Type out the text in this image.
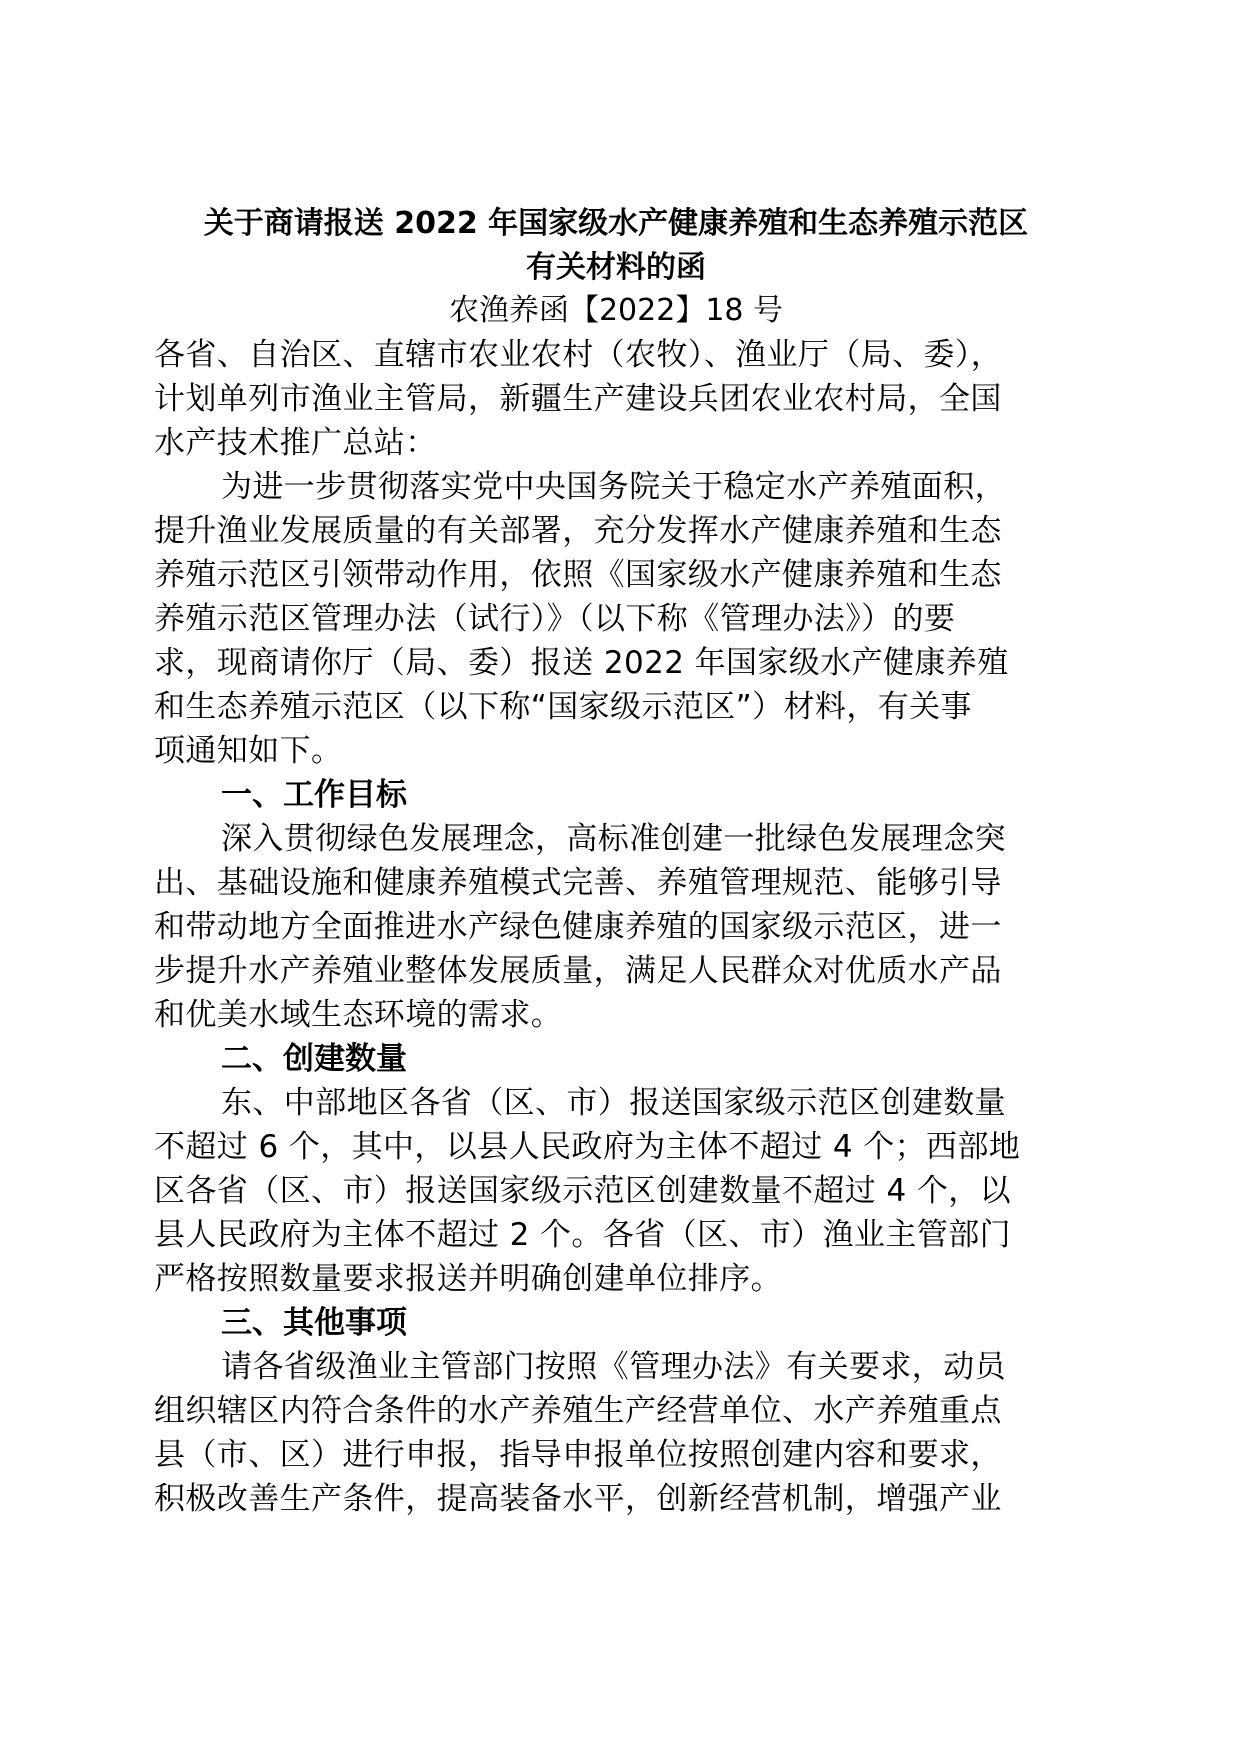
关于商请报送 2022 年国家级水产健康养殖和生态养殖示范区
有关材料的函
农渔养函【2022】18 号
各省、自治区、直辖市农业农村（农牧）、渔业厅（局、委），
计划单列市渔业主管局，新疆生产建设兵团农业农村局，全国
水产技术推广总站：
为进一步贯彻落实党中央国务院关于稳定水产养殖面积，
提升渔业发展质量的有关部署，充分发挥水产健康养殖和生态
养殖示范区引领带动作用，依照《国家级水产健康养殖和生态
养殖示范区管理办法（试行）》（以下称《管理办法》）的要
求，现商请你厅（局、委）报送 2022 年国家级水产健康养殖
和生态养殖示范区（以下称“国家级示范区”）材料，有关事
项通知如下。
一、工作目标
深入贯彻绿色发展理念，高标准创建一批绿色发展理念突
出、基础设施和健康养殖模式完善、养殖管理规范、能够引导
和带动地方全面推进水产绿色健康养殖的国家级示范区，进一
步提升水产养殖业整体发展质量，满足人民群众对优质水产品
和优美水域生态环境的需求。
二、创建数量
东、中部地区各省（区、市）报送国家级示范区创建数量
不超过 6 个，其中，以县人民政府为主体不超过 4 个；西部地
区各省（区、市）报送国家级示范区创建数量不超过 4 个，以
县人民政府为主体不超过 2 个。各省（区、市）渔业主管部门
严格按照数量要求报送并明确创建单位排序。
三、其他事项
请各省级渔业主管部门按照《管理办法》有关要求，动员
组织辖区内符合条件的水产养殖生产经营单位、水产养殖重点
县（市、区）进行申报，指导申报单位按照创建内容和要求，
积极改善生产条件，提高装备水平，创新经营机制，增强产业
